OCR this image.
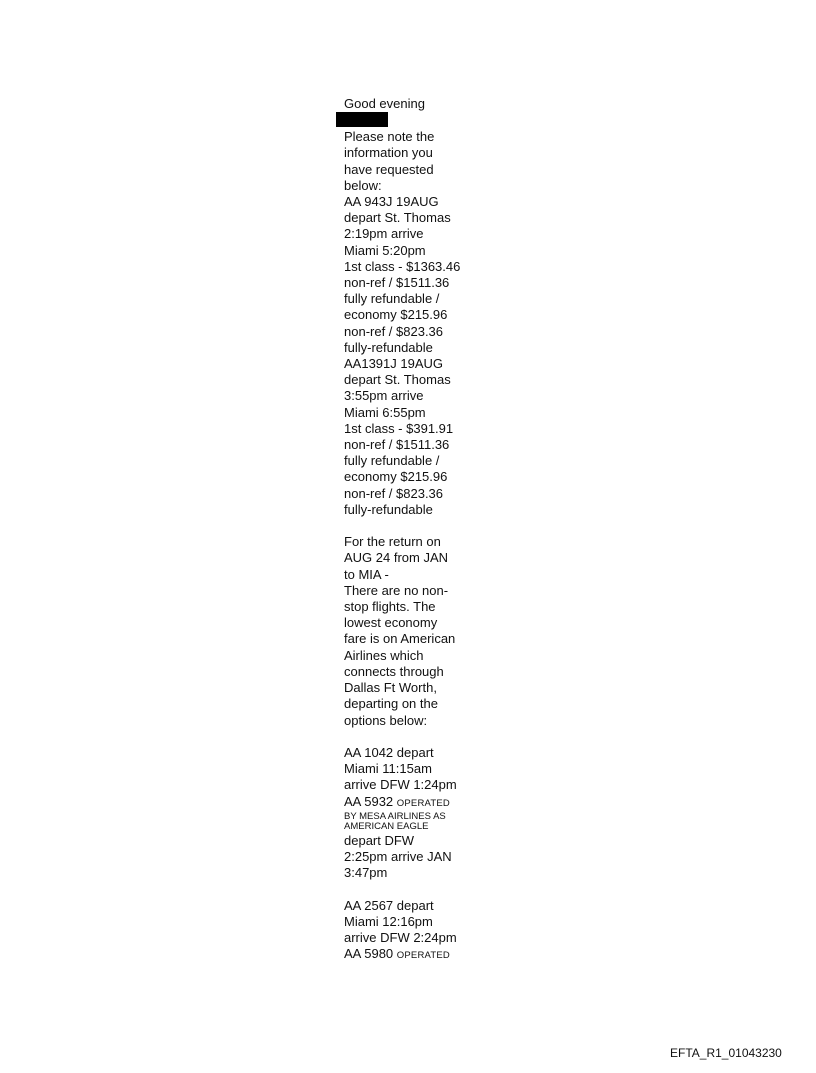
Good evening
Please note the
information you
have requested
below:
AA 943J 19AUG
depart St. Thomas
2:19pm arrive
Miami 5:20pm
1st class - $1363.46
non-ref / $1511.36
fully refundable /
economy $215.96
non-ref / $823.36
fully-refundable
AA1391J 19AUG
depart St. Thomas
3:55pm arrive
Miami 6:55pm
1st class - $391.91
non-ref / $1511.36
fully refundable /
economy $215.96
non-ref / $823.36
fully-refundable
For the return on
AUG 24 from JAN
to MIA -
There are no non-
stop flights. The
lowest economy
fare is on American
Airlines which
connects through
Dallas Ft Worth,
departing on the
options below:
AA 1042 depart
Miami 11:15am
arrive DFW 1:24pm
AA 5932 OPERATED
BY MESA AIRLINES AS
AMERICAN EAGLE
depart DFW
2:25pm arrive JAN
3:47pm
AA 2567 depart
Miami 12:16pm
arrive DFW 2:24pm
AA 5980 OPERATED
EFTA_R1_01043230
